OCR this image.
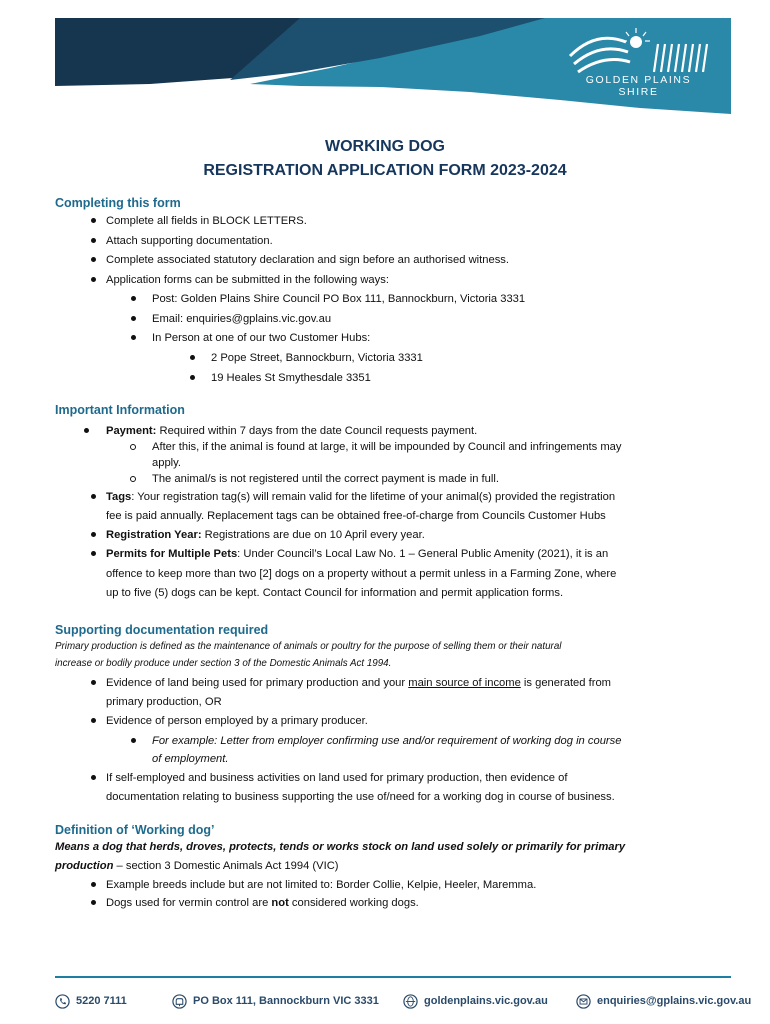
GOLDEN PLAINS SHIRE
WORKING DOG
REGISTRATION APPLICATION FORM 2023-2024
Completing this form
Complete all fields in BLOCK LETTERS.
Attach supporting documentation.
Complete associated statutory declaration and sign before an authorised witness.
Application forms can be submitted in the following ways:
Post: Golden Plains Shire Council PO Box 111, Bannockburn, Victoria 3331
Email: enquiries@gplains.vic.gov.au
In Person at one of our two Customer Hubs:
2 Pope Street, Bannockburn, Victoria 3331
19 Heales St Smythesdale 3351
Important Information
Payment: Required within 7 days from the date Council requests payment.
After this, if the animal is found at large, it will be impounded by Council and infringements may
apply.
The animal/s is not registered until the correct payment is made in full.
Tags: Your registration tag(s) will remain valid for the lifetime of your animal(s) provided the registration
fee is paid annually. Replacement tags can be obtained free-of-charge from Councils Customer Hubs
Registration Year: Registrations are due on 10 April every year.
Permits for Multiple Pets: Under Council’s Local Law No. 1 – General Public Amenity (2021), it is an
offence to keep more than two [2] dogs on a property without a permit unless in a Farming Zone, where
up to five (5) dogs can be kept. Contact Council for information and permit application forms.
Supporting documentation required
Primary production is defined as the maintenance of animals or poultry for the purpose of selling them or their natural
increase or bodily produce under section 3 of the Domestic Animals Act 1994.
Evidence of land being used for primary production and your main source of income is generated from
primary production, OR
Evidence of person employed by a primary producer.
For example: Letter from employer confirming use and/or requirement of working dog in course
of employment.
If self-employed and business activities on land used for primary production, then evidence of
documentation relating to business supporting the use of/need for a working dog in course of business.
Definition of ‘Working dog’
Means a dog that herds, droves, protects, tends or works stock on land used solely or primarily for primary
production – section 3 Domestic Animals Act 1994 (VIC)
Example breeds include but are not limited to: Border Collie, Kelpie, Heeler, Maremma.
Dogs used for vermin control are not considered working dogs.
5220 7111	PO Box 111, Bannockburn VIC 3331	goldenplains.vic.gov.au	enquiries@gplains.vic.gov.au
